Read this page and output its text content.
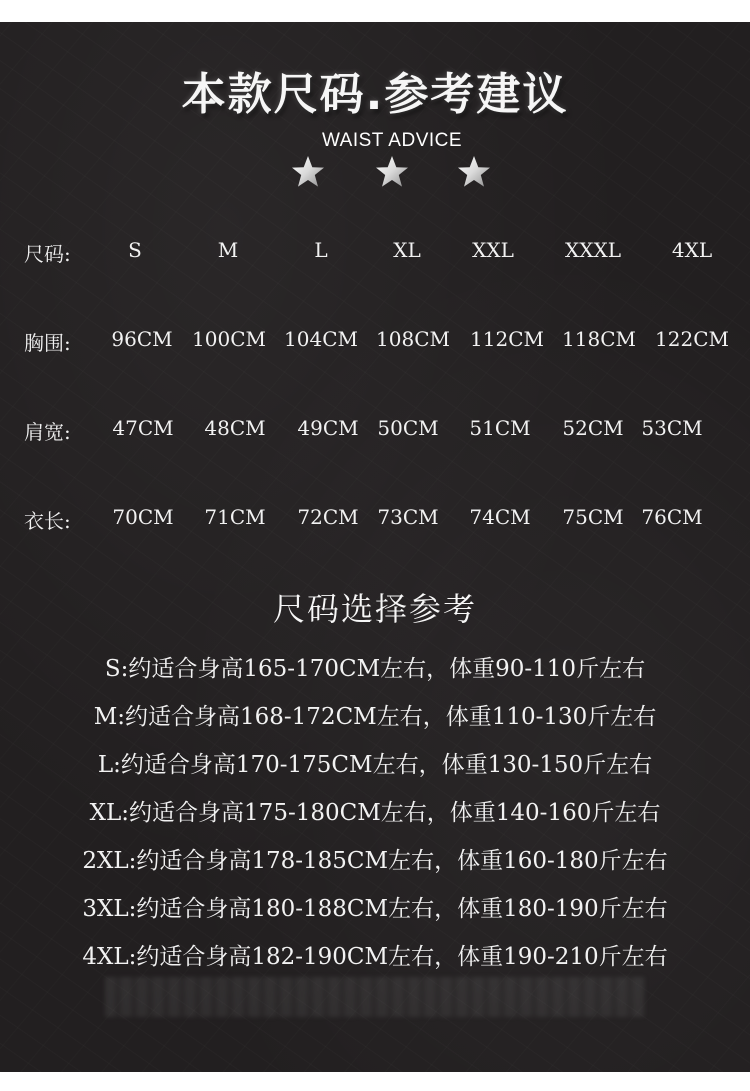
本款尺码.参考建议
WAIST ADVICE
尺码:	S	M	L	XL	XXL	XXXL	4XL
胸围:	96CM 100CM 104CM 108CM	112CM 118CM 122CM
肩宽:	47CM	48CM	49CM 50CM	51CM	52CM 53CM
衣长:	70CM	71CM	72CM 73CM	74CM	75CM 76CM
尺码选择参考
S:约适合身高165-170CM左右，体重90-110斤左右
M:约适合身高168-172CM左右，体重110-130斤左右
L:约适合身高170-175CM左右，体重130-150斤左右
XL:约适合身高175-180CM左右，体重140-160斤左右
2XL:约适合身高178-185CM左右，体重160-180斤左右
3XL:约适合身高180-188CM左右，体重180-190斤左右
4XL:约适合身高182-190CM左右，体重190-210斤左右
